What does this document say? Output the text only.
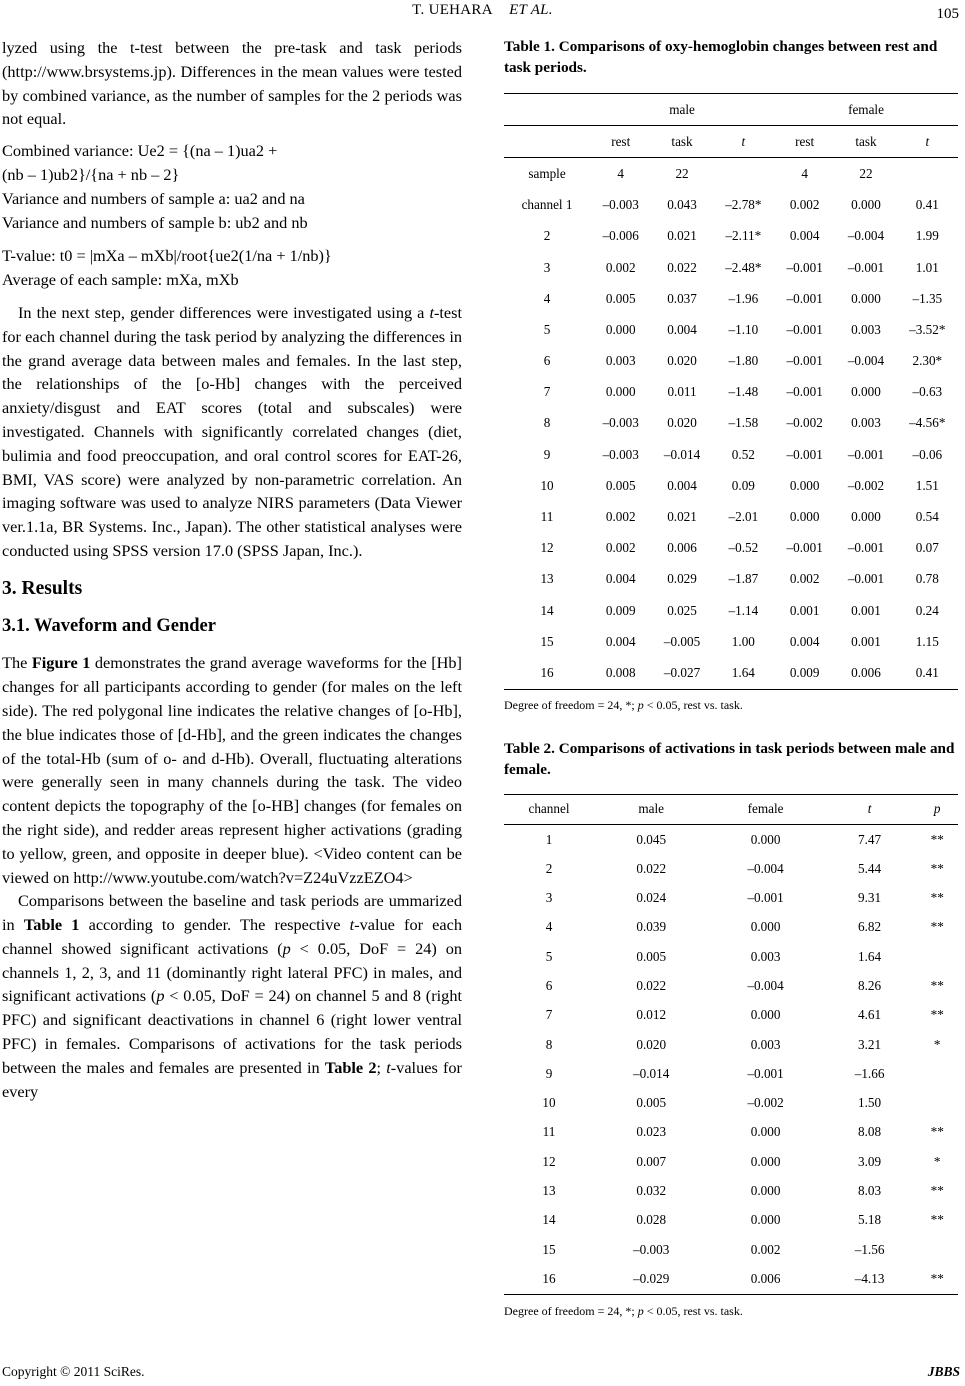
T. UEHARA ET AL.	105

lyzed using the t-test between the pre-task and task periods (http://www.brsystems.jp). Differences in the mean values were tested by combined variance, as the number of samples for the 2 periods was not equal.

Combined variance: Ue2 = {(na – 1)ua2 +

(nb – 1)ub2}/{na + nb – 2}

Variance and numbers of sample a: ua2 and na

Variance and numbers of sample b: ub2 and nb

T-value: t0 = |mXa – mXb|/root{ue2(1/na + 1/nb)}

Average of each sample: mXa, mXb

In the next step, gender differences were investigated using a t-test for each channel during the task period by analyzing the differences in the grand average data between males and females. In the last step, the relationships of the [o-Hb] changes with the perceived anxiety/disgust and EAT scores (total and subscales) were investigated. Channels with significantly correlated changes (diet, bulimia and food preoccupation, and oral control scores for EAT-26, BMI, VAS score) were analyzed by non-parametric correlation. An imaging software was used to analyze NIRS parameters (Data Viewer ver.1.1a, BR Systems. Inc., Japan). The other statistical analyses were conducted using SPSS version 17.0 (SPSS Japan, Inc.).

3. Results

3.1. Waveform and Gender

The Figure 1 demonstrates the grand average waveforms for the [Hb] changes for all participants according to gender (for males on the left side). The red polygonal line indicates the relative changes of [o-Hb], the blue indicates those of [d-Hb], and the green indicates the changes of the total-Hb (sum of o- and d-Hb). Overall, fluctuating alterations were generally seen in many channels during the task. The video content depicts the topography of the [o-HB] changes (for females on the right side), and redder areas represent higher activations (grading to yellow, green, and opposite in deeper blue). <Video content can be viewed on http://www.youtube.com/watch?v=Z24uVzzEZO4>

Comparisons between the baseline and task periods are ummarized in Table 1 according to gender. The respective t-value for each channel showed significant activations (p < 0.05, DoF = 24) on channels 1, 2, 3, and 11 (dominantly right lateral PFC) in males, and significant activations (p < 0.05, DoF = 24) on channel 5 and 8 (right PFC) and significant deactivations in channel 6 (right lower ventral PFC) in females. Comparisons of activations for the task periods between the males and females are presented in Table 2; t-values for every

Table 1. Comparisons of oxy-hemoglobin changes between rest and task periods.

	male			female		
	rest	task	t	rest	task	t
sample	4	22		4	22	
channel 1	–0.003	0.043	–2.78*	0.002	0.000	0.41
2	–0.006	0.021	–2.11*	0.004	–0.004	1.99
3	0.002	0.022	–2.48*	–0.001	–0.001	1.01
4	0.005	0.037	–1.96	–0.001	0.000	–1.35
5	0.000	0.004	–1.10	–0.001	0.003	–3.52*
6	0.003	0.020	–1.80	–0.001	–0.004	2.30*
7	0.000	0.011	–1.48	–0.001	0.000	–0.63
8	–0.003	0.020	–1.58	–0.002	0.003	–4.56*
9	–0.003	–0.014	0.52	–0.001	–0.001	–0.06
10	0.005	0.004	0.09	0.000	–0.002	1.51
11	0.002	0.021	–2.01	0.000	0.000	0.54
12	0.002	0.006	–0.52	–0.001	–0.001	0.07
13	0.004	0.029	–1.87	0.002	–0.001	0.78
14	0.009	0.025	–1.14	0.001	0.001	0.24
15	0.004	–0.005	1.00	0.004	0.001	1.15
16	0.008	–0.027	1.64	0.009	0.006	0.41

Degree of freedom = 24, *; p < 0.05, rest vs. task.

Table 2. Comparisons of activations in task periods between male and female.

channel	male	female	t	p
1	0.045	0.000	7.47	**
2	0.022	–0.004	5.44	**
3	0.024	–0.001	9.31	**
4	0.039	0.000	6.82	**
5	0.005	0.003	1.64	
6	0.022	–0.004	8.26	**
7	0.012	0.000	4.61	**
8	0.020	0.003	3.21	*
9	–0.014	–0.001	–1.66	
10	0.005	–0.002	1.50	
11	0.023	0.000	8.08	**
12	0.007	0.000	3.09	*
13	0.032	0.000	8.03	**
14	0.028	0.000	5.18	**
15	–0.003	0.002	–1.56	
16	–0.029	0.006	–4.13	**

Degree of freedom = 24, *; p < 0.05, rest vs. task.

Copyright © 2011 SciRes.	JBBS
